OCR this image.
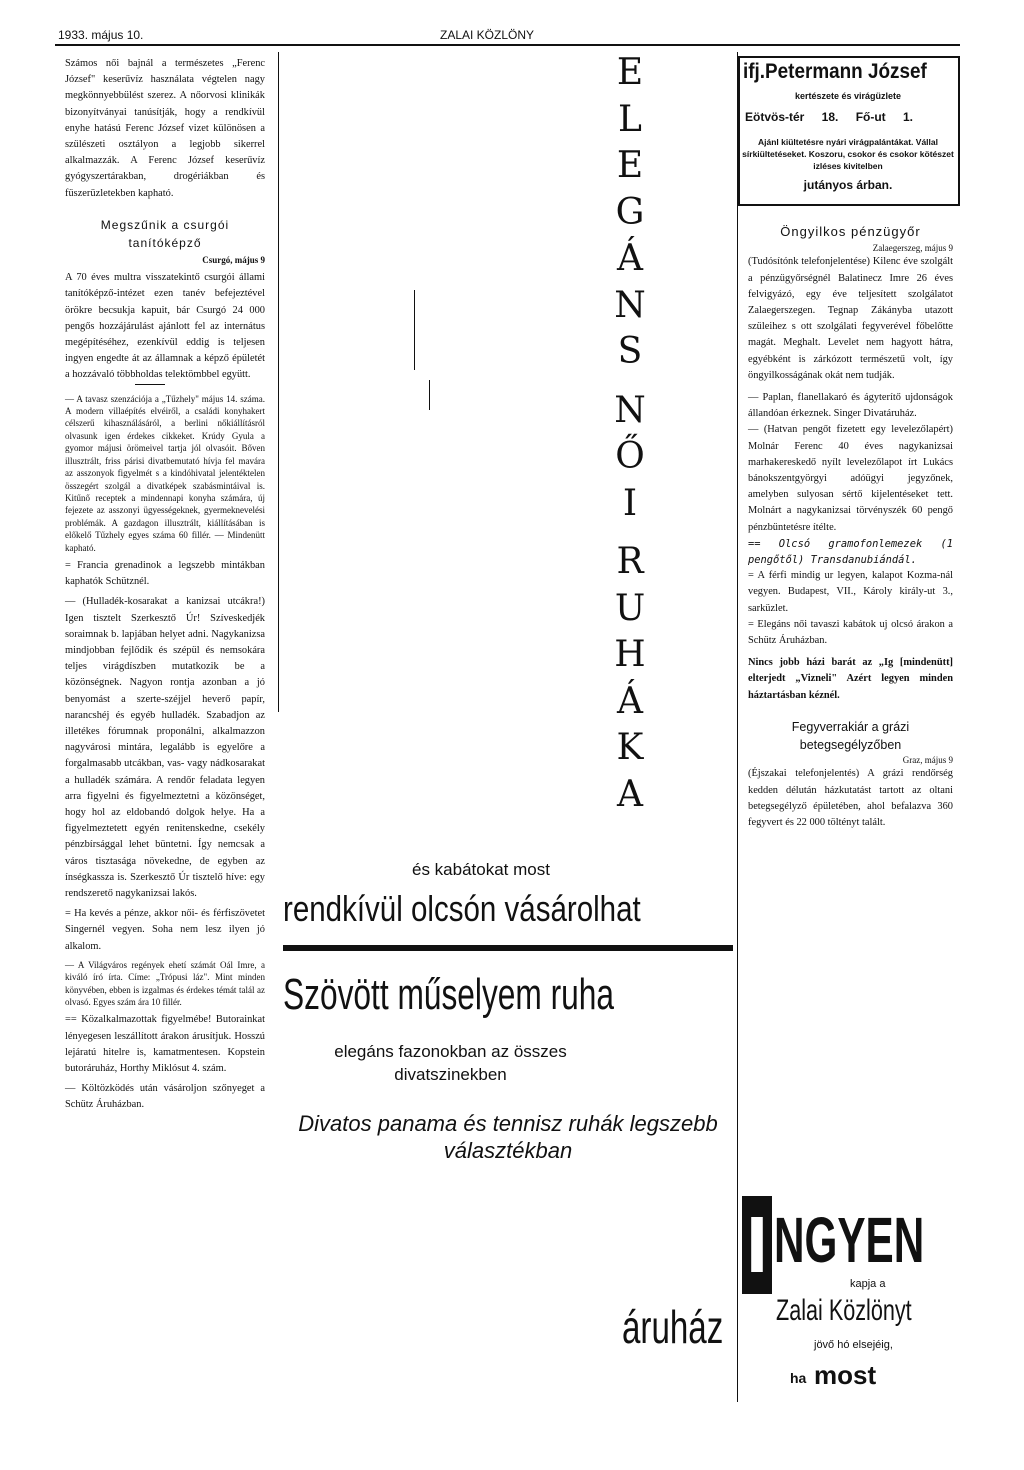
1933. május 10.	ZALAI KÖZLÖNY

Számos női bajnál a természetes „Ferenc József" keserűvíz használata végtelen nagy megkönnyebbülést szerez. A nőorvosi klinikák bizonyítványai tanúsítják, hogy a rendkívül enyhe hatású Ferenc József vizet különösen a szülészeti osztályon a legjobb sikerrel alkalmazzák. A Ferenc József keserűvíz gyógyszertárakban, drogériákban és füszerüzletekben kapható.

Megszűnik a csurgói tanítóképző
Csurgó, május 9

A 70 éves multra visszatekintő csurgói állami tanítóképző-intézet ezen tanév befejeztével örökre becsukja kapuit, bár Csurgó 24 000 pengős hozzájárulást ajánlott fel az internátus megépítéséhez, ezenkívül eddig is teljesen ingyen engedte át az államnak a képző épületét a hozzávaló többholdas telektömbbel együtt.

— A tavasz szenzációja a „Tűzhely" május 14. száma. A modern villaépítés elvéiről, a családi konyhakert célszerű kihasználásáról, a berlini nőkiállításról olvasunk igen érdekes cikkeket. Krúdy Gyula a gyomor májusi örömeivel tartja jól olvasóit. Bőven illusztrált, friss párisi divatbemutató hívja fel mavára az asszonyok figyelmét s a kindóhivatal jelentéktelen összegért szolgál a divatképek szabásmintáival is. Kitűnő receptek a mindennapi konyha számára, új fejezete az asszonyi ügyességeknek, gyermeknevelési problémák. A gazdagon illusztrált, kiállításában is előkelő Tűzhely egyes száma 60 fillér. — Mindenütt kapható.

= Francia grenadinok a legszebb mintákban kaphatók Schütznél.

— (Hulladék-kosarakat a kanizsai utcákra!) Igen tisztelt Szerkesztő Úr! Szíveskedjék soraimnak b. lapjában helyet adni. Nagykanizsa mindjobban fejlődik és szépül és nemsokára teljes virágdíszben mutatkozik be a közönségnek. Nagyon rontja azonban a jó benyomást a szerte-széjjel heverő papír, narancshéj és egyéb hulladék. Szabadjon az illetékes fórumnak proponálni, alkalmazzon nagyvárosi mintára, legalább is egyelőre a forgalmasabb utcákban, vas- vagy nádkosarakat a hulladék számára. A rendőr feladata legyen arra figyelni és figyelmeztetni a közönséget, hogy hol az eldobandó dolgok helye. Ha a figyelmeztetett egyén renitenskedne, csekély pénzbírsággal lehet büntetni. Így nemcsak a város tisztasága növekedne, de egyben az ínségkassza is. Szerkesztő Úr tisztelő híve: egy rendszerető nagykanizsai lakós.

= Ha kevés a pénze, akkor női- és férfiszövetet Singernél vegyen. Soha nem lesz ilyen jó alkalom.

— A Világváros regények ehetí számát Oál Imre, a kiváló író írta. Címe: „Trópusi láz". Mint minden könyvében, ebben is izgalmas és érdekes témát talál az olvasó. Egyes szám ára 10 fillér.

== Közalkalmazottak figyelmébe! Butorainkat lényegesen leszállított árakon árusítjuk. Hosszú lejáratú hitelre is, kamatmentesen. Kopstein butoráruház, Horthy Miklósut 4. szám.

— Költözködés után vásároljon szőnyeget a Schütz Áruházban.

E
L
E
G
Á
N
S
N
Ő
I
R
U
H
Á
K
A
és kabátokat most
rendkívül olcsón vásárolhat
Szövött műselyem ruha
elegáns fazonokban az összes divatszinekben
Divatos panama és tennisz ruhák legszebb választékban
áruház
ifj.Petermann József
kertészete és virágüzlete
Eötvös-tér 18. Fő-ut 1.
Ajánl kiültetésre nyári virágpalántákat. Vállal sírkiültetéseket. Koszoru, csokor és csokor kötészet izléses kivitelben
jutányos árban.
Öngyilkos pénzügyőr
Zalaegerszeg, május 9

(Tudósítónk telefonjelentése) Kilenc éve szolgált a pénzügyőrségnél Balatinecz Imre 26 éves felvigyázó, egy éve teljesített szolgálatot Zalaegerszegen. Tegnap Zákányba utazott szüleihez s ott szolgálati fegyverével főbelőtte magát. Meghalt. Levelet nem hagyott hátra, egyébként is zárkózott természetű volt, így öngyilkosságának okát nem tudják.

— Paplan, flanellakaró és ágyterítő ujdonságok állandóan érkeznek. Singer Divatáruház.

— (Hatvan pengőt fizetett egy levelezőlapért) Molnár Ferenc 40 éves nagykanizsai marhakereskedő nyílt levelezőlapot írt Lukács bánokszentgyörgyi adóügyi jegyzőnek, amelyben sulyosan sértő kijelentéseket tett. Molnárt a nagykanizsai törvényszék 60 pengő pénzbüntetésre ítélte.

== Olcsó gramofonlemezek (1 pengőtől) Transdanubiándál.

= A férfi mindig ur legyen, kalapot Kozma-nál vegyen. Budapest, VII., Károly király-ut 3., sarküzlet.

= Elegáns női tavaszi kabátok uj olcsó árakon a Schütz Áruházban.

Nincs jobb házi barát az „Ig [mindenütt] elterjedt „Vizneli" Azért legyen minden háztartásban kéznél.

Fegyverrakiár a grázi betegsegélyzőben
Graz, május 9

(Éjszakai telefonjelentés) A grázi rendőrség kedden délután házkutatást tartott az oltani betegsegélyző épületében, ahol befalazva 360 fegyvert és 22 000 töltényt talált.

I NGYEN
kapja a
Zalai Közlönyt
jövő hó elsejéig,
ha most
